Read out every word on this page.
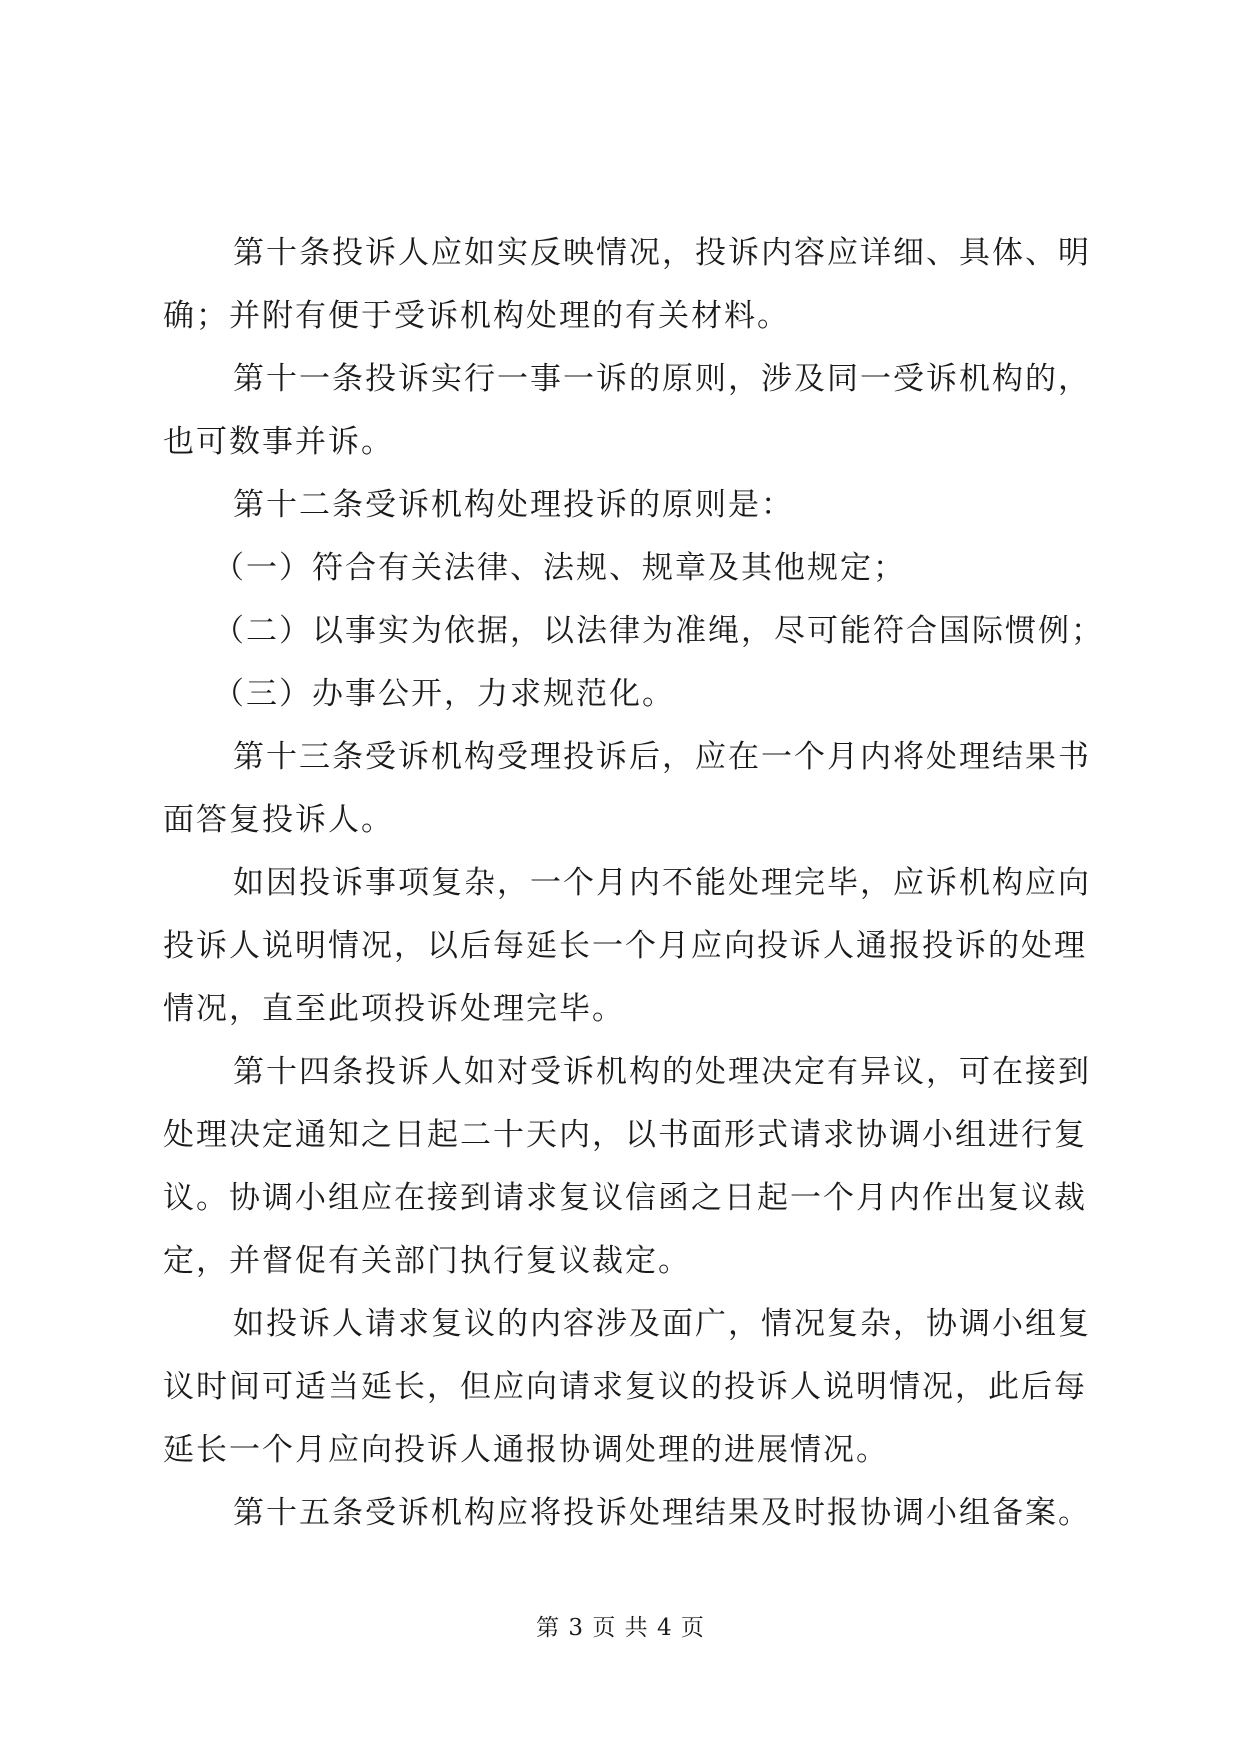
第十条投诉人应如实反映情况，投诉内容应详细、具体、明
确；并附有便于受诉机构处理的有关材料。
第十一条投诉实行一事一诉的原则，涉及同一受诉机构的，
也可数事并诉。
第十二条受诉机构处理投诉的原则是：
（一）符合有关法律、法规、规章及其他规定；
（二）以事实为依据，以法律为准绳，尽可能符合国际惯例；
（三）办事公开，力求规范化。
第十三条受诉机构受理投诉后，应在一个月内将处理结果书
面答复投诉人。
如因投诉事项复杂，一个月内不能处理完毕，应诉机构应向
投诉人说明情况，以后每延长一个月应向投诉人通报投诉的处理
情况，直至此项投诉处理完毕。
第十四条投诉人如对受诉机构的处理决定有异议，可在接到
处理决定通知之日起二十天内，以书面形式请求协调小组进行复
议。协调小组应在接到请求复议信函之日起一个月内作出复议裁
定，并督促有关部门执行复议裁定。
如投诉人请求复议的内容涉及面广，情况复杂，协调小组复
议时间可适当延长，但应向请求复议的投诉人说明情况，此后每
延长一个月应向投诉人通报协调处理的进展情况。
第十五条受诉机构应将投诉处理结果及时报协调小组备案。
第 3 页 共 4 页
